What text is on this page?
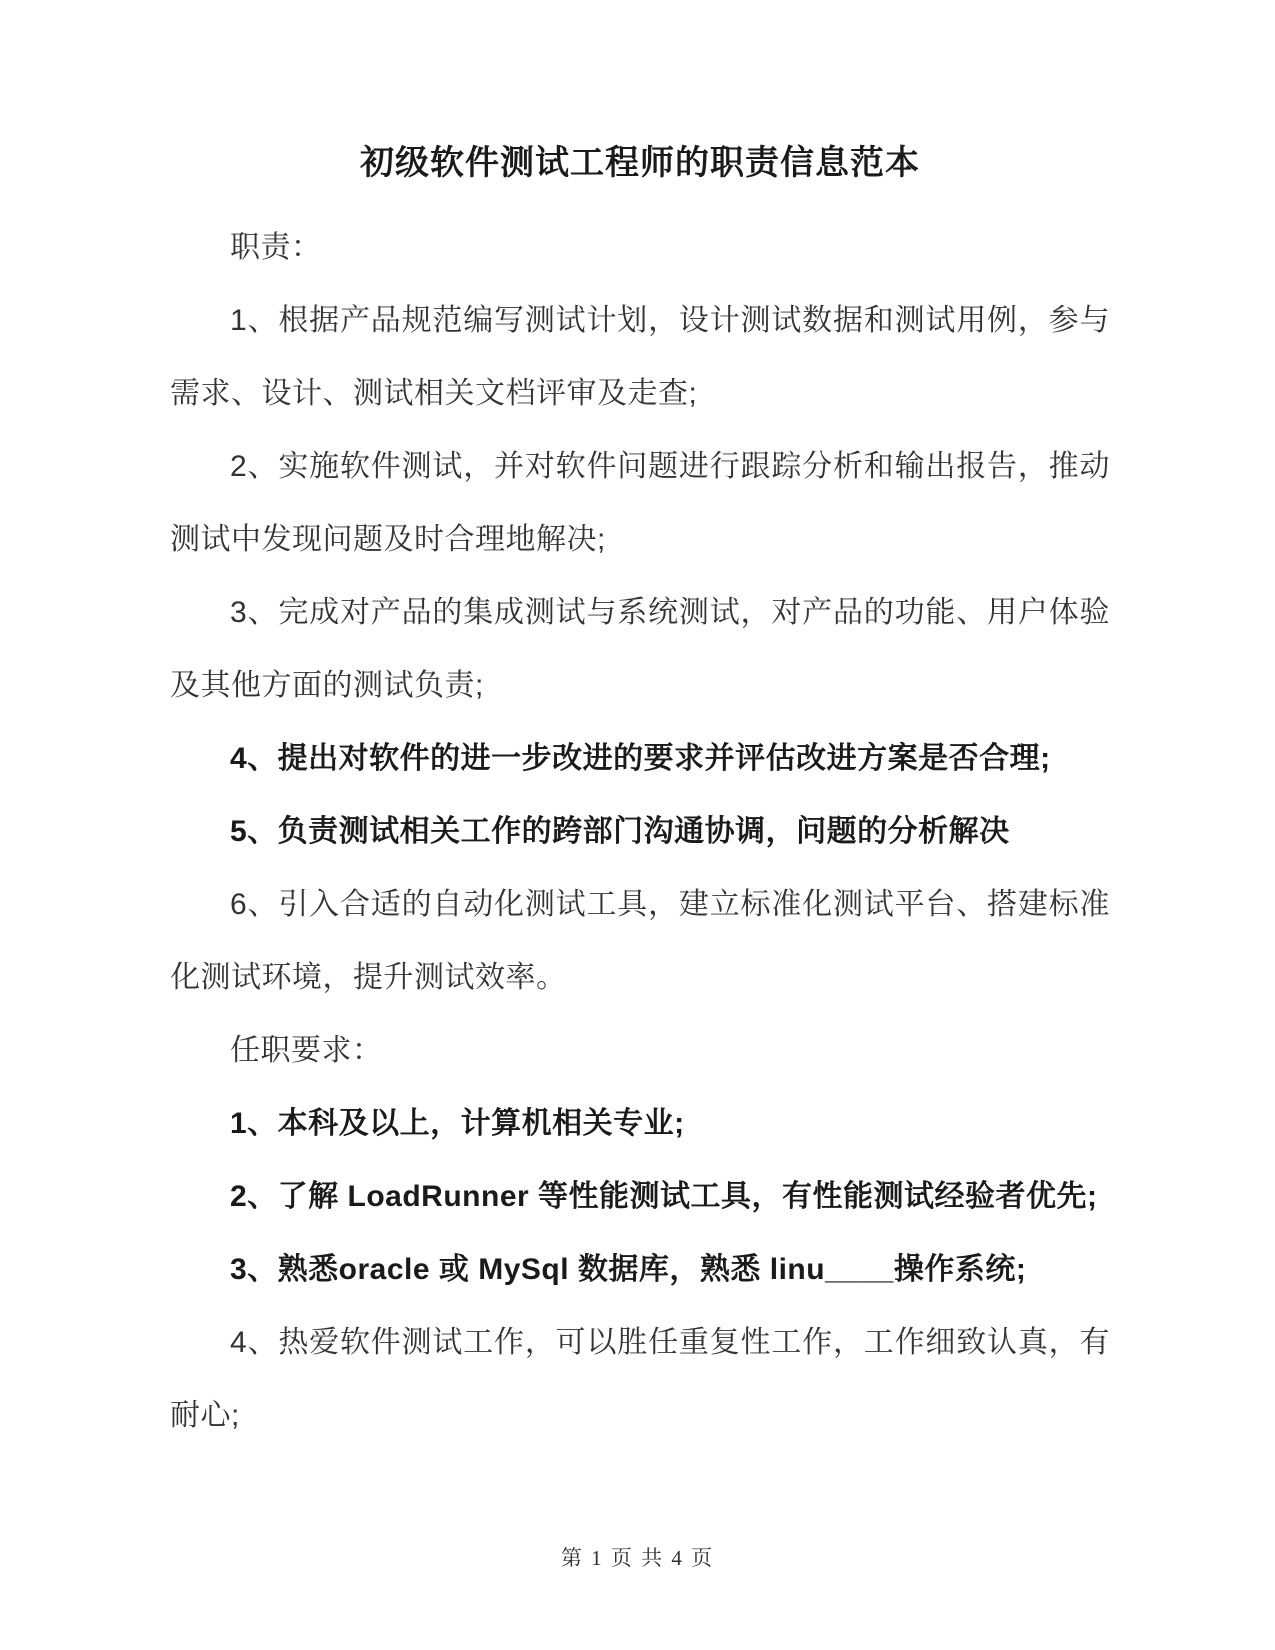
初级软件测试工程师的职责信息范本

职责：

1、根据产品规范编写测试计划，设计测试数据和测试用例，参与需求、设计、测试相关文档评审及走查;

2、实施软件测试，并对软件问题进行跟踪分析和输出报告，推动测试中发现问题及时合理地解决;

3、完成对产品的集成测试与系统测试，对产品的功能、用户体验及其他方面的测试负责;

4、提出对软件的进一步改进的要求并评估改进方案是否合理;

5、负责测试相关工作的跨部门沟通协调，问题的分析解决

6、引入合适的自动化测试工具，建立标准化测试平台、搭建标准化测试环境，提升测试效率。

任职要求：

1、本科及以上，计算机相关专业;

2、了解 LoadRunner 等性能测试工具，有性能测试经验者优先;

3、熟悉oracle 或 MySql 数据库，熟悉 linu____操作系统;

4、热爱软件测试工作，可以胜任重复性工作，工作细致认真，有耐心;

第 1 页 共 4 页
